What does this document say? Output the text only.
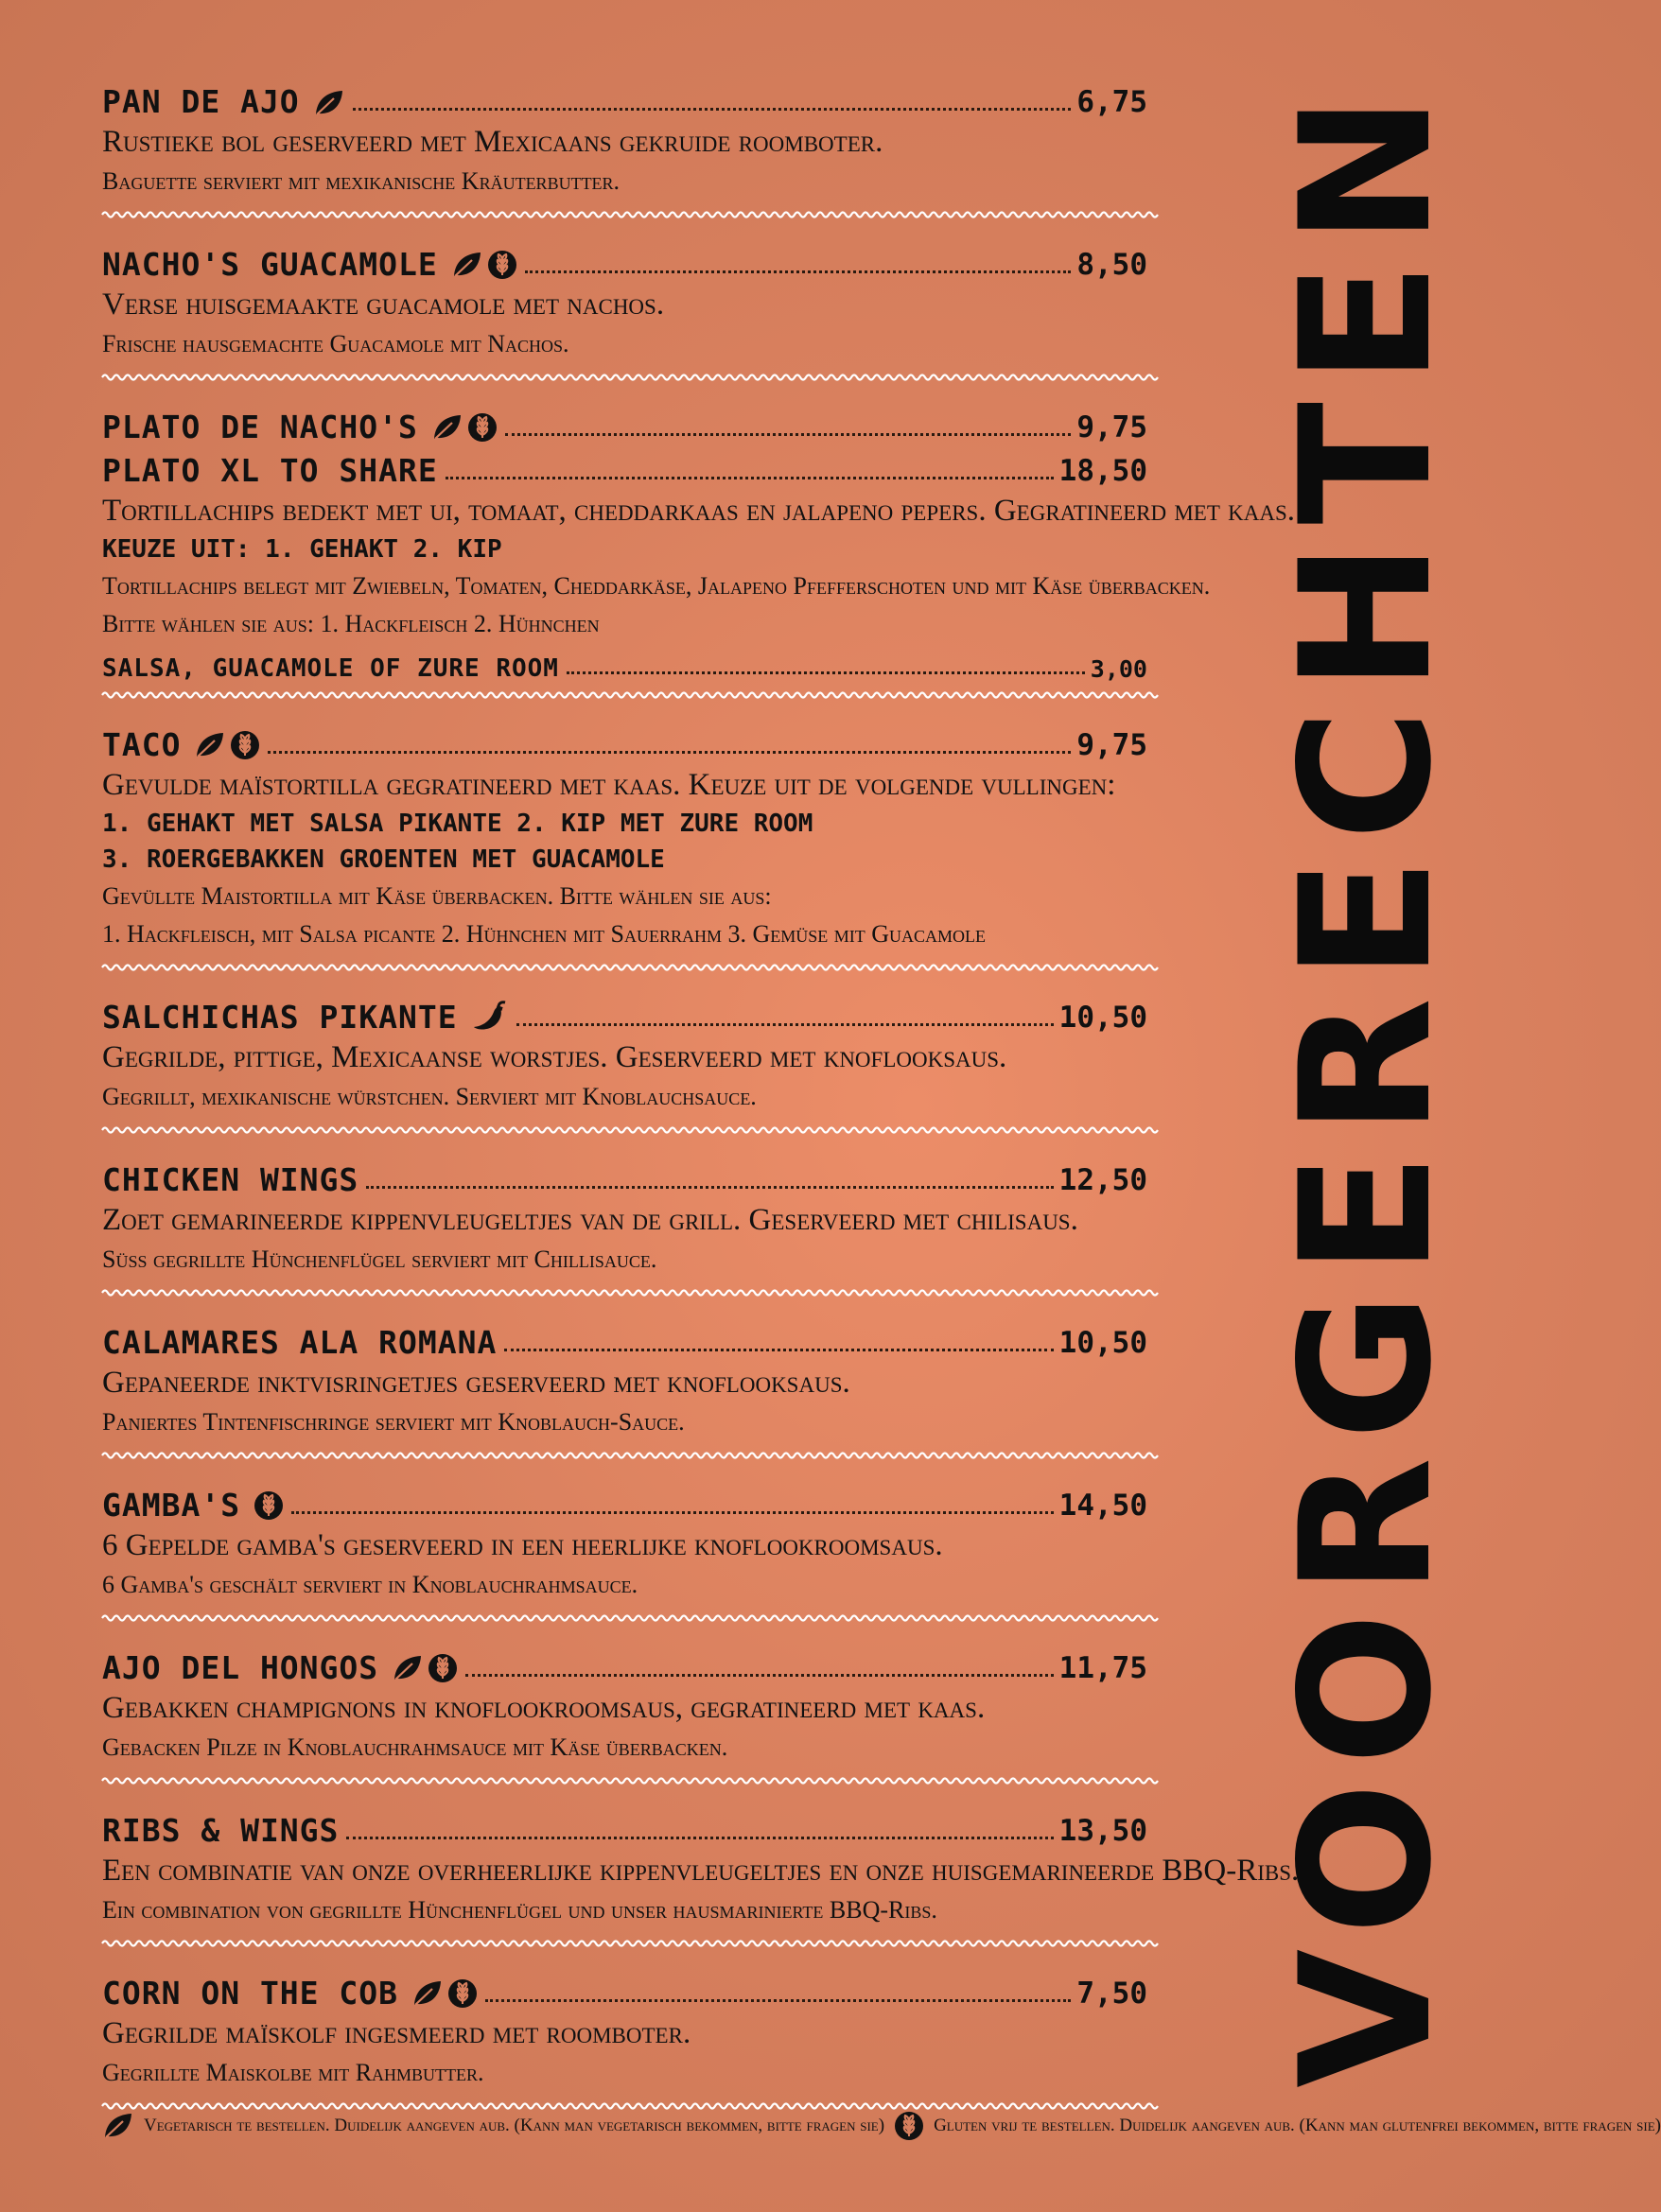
PAN DE AJO	6,75
Rustieke bol geserveerd met Mexicaans gekruide roomboter.
Baguette serviert mit mexikanische Kräuterbutter.
NACHO'S GUACAMOLE	8,50
Verse huisgemaakte guacamole met nachos.
Frische hausgemachte Guacamole mit Nachos.
PLATO DE NACHO'S	9,75
PLATO XL TO SHARE	18,50
Tortillachips bedekt met ui, tomaat, cheddarkaas en jalapeno pepers. Gegratineerd met kaas.
KEUZE UIT: 1. GEHAKT 2. KIP
Tortillachips belegt mit Zwiebeln, Tomaten, Cheddarkäse, Jalapeno Pfefferschoten und mit Käse überbacken.
Bitte wählen sie aus: 1. Hackfleisch 2. Hühnchen
SALSA, GUACAMOLE OF ZURE ROOM	3,00
TACO	9,75
Gevulde maïstortilla gegratineerd met kaas. Keuze uit de volgende vullingen:
1. GEHAKT MET SALSA PIKANTE 2. KIP MET ZURE ROOM
3. ROERGEBAKKEN GROENTEN MET GUACAMOLE
Gevüllte Maistortilla mit Käse überbacken. Bitte wählen sie aus:
1. Hackfleisch, mit Salsa picante 2. Hühnchen mit Sauerrahm 3. Gemüse mit Guacamole
SALCHICHAS PIKANTE	10,50
Gegrilde, pittige, Mexicaanse worstjes. Geserveerd met knoflooksaus.
Gegrillt, mexikanische würstchen. Serviert mit Knoblauchsauce.
CHICKEN WINGS	12,50
Zoet gemarineerde kippenvleugeltjes van de grill. Geserveerd met chilisaus.
Süß gegrillte Hünchenflügel serviert mit Chillisauce.
CALAMARES ALA ROMANA	10,50
Gepaneerde inktvisringetjes geserveerd met knoflooksaus.
Paniertes Tintenfischringe serviert mit Knoblauch-Sauce.
GAMBA'S	14,50
6 Gepelde gamba's geserveerd in een heerlijke knoflookroomsaus.
6 Gamba's geschält serviert in Knoblauchrahmsauce.
AJO DEL HONGOS	11,75
Gebakken champignons in knoflookroomsaus, gegratineerd met kaas.
Gebacken Pilze in Knoblauchrahmsauce mit Käse überbacken.
RIBS & WINGS	13,50
Een combinatie van onze overheerlijke kippenvleugeltjes en onze huisgemarineerde BBQ-Ribs.
Ein combination von gegrillte Hünchenflügel und unser hausmarinierte BBQ-Ribs.
CORN ON THE COB	7,50
Gegrilde maïskolf ingesmeerd met roomboter.
Gegrillte Maiskolbe mit Rahmbutter.
Vegetarisch te bestellen. Duidelijk aangeven aub. (Kann man vegetarisch bekommen, bitte fragen sie)	Gluten vrij te bestellen. Duidelijk aangeven aub. (Kann man glutenfrei bekommen, bitte fragen sie)
VOORGERECHTEN
